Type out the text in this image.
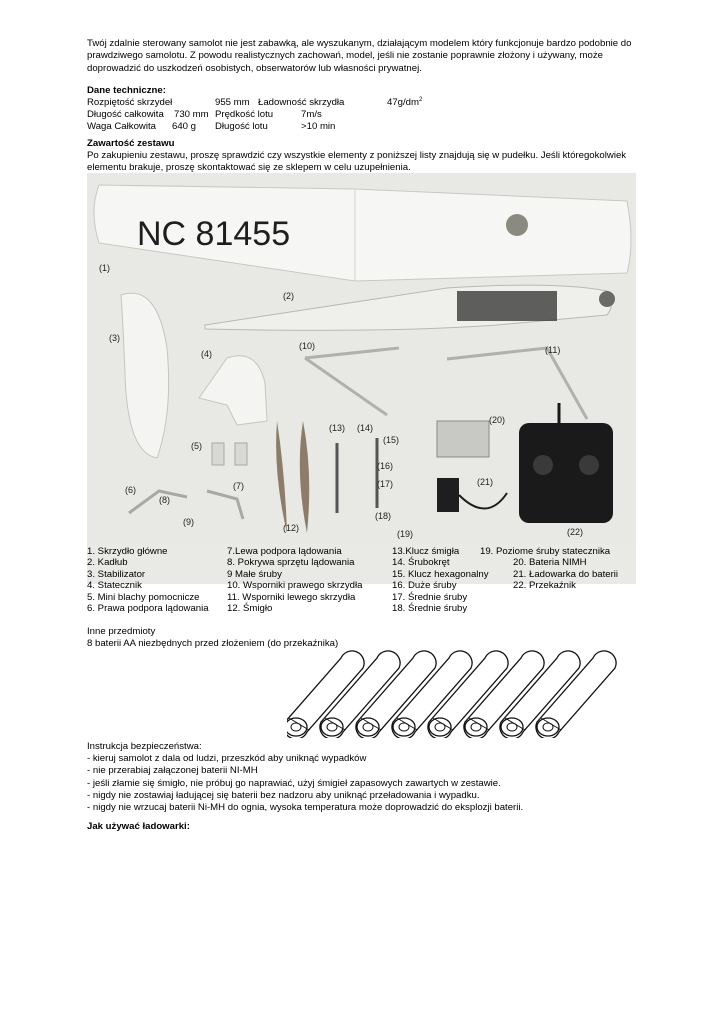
Twój zdalnie sterowany samolot nie jest zabawką, ale wyszukanym, działającym modelem który funkcjonuje bardzo podobnie do prawdziwego samolotu. Z powodu realistycznych zachowań, model, jeśli nie zostanie poprawnie złożony i używany, może doprowadzić do uszkodzeń osobistych, obserwatorów lub własności prywatnej.

Dane techniczne:

Rozpiętość skrzydeł	955 mm Ładowność skrzydła	$47g/dm^2$
Długość całkowita 730 mm Prędkość lotu	7m/s
Waga Całkowita 640 g Długość lotu	>10 min

Zawartość zestawu

Po zakupieniu zestawu, proszę sprawdzić czy wszystkie elementy z poniższej listy znajdują się w pudełku. Jeśli któregokolwiek elementu brakuje, proszę skontaktować się ze sklepem w celu uzupełnienia.

NC 81455
(1)
(2)
(3)
(4)
(5)
(6)	(7)
(8)
(9)
(10)	(11)
(12)
(13) (14)
(15)
(16)
(17)
(18)
(19)
(20)
(21)
(22)
1. Skrzydło główne	7.Lewa podpora lądowania	13.Klucz śmigła 19. Poziome śruby statecznika
2. Kadłub	8. Pokrywa sprzętu lądowania	14. Śrubokręt	20. Bateria NIMH
3. Stabilizator	9 Małe śruby	15. Klucz hexagonalny	21. Ładowarka do baterii
4. Statecznik	10. Wsporniki prawego skrzydła	16. Duże śruby	22. Przekaźnik
5. Mini blachy pomocnicze	11. Wsporniki lewego skrzydła	17. Średnie śruby
6. Prawa podpora lądowania 12. Śmigło	18. Średnie śruby

Inne przedmioty

8 baterii AA niezbędnych przed złożeniem (do przekaźnika)

Instrukcja bezpieczeństwa:

- kieruj samolot z dala od ludzi, przeszkód aby uniknąć wypadków

- nie przerabiaj załączonej baterii NI-MH

- jeśli złamie się śmigło, nie próbuj go naprawiać, użyj śmigieł zapasowych zawartych w zestawie.

- nigdy nie zostawiaj ładującej się baterii bez nadzoru aby uniknąć przeładowania i wypadku.

- nigdy nie wrzucaj baterii Ni-MH do ognia, wysoka temperatura może doprowadzić do eksplozji baterii.

Jak używać ładowarki:
